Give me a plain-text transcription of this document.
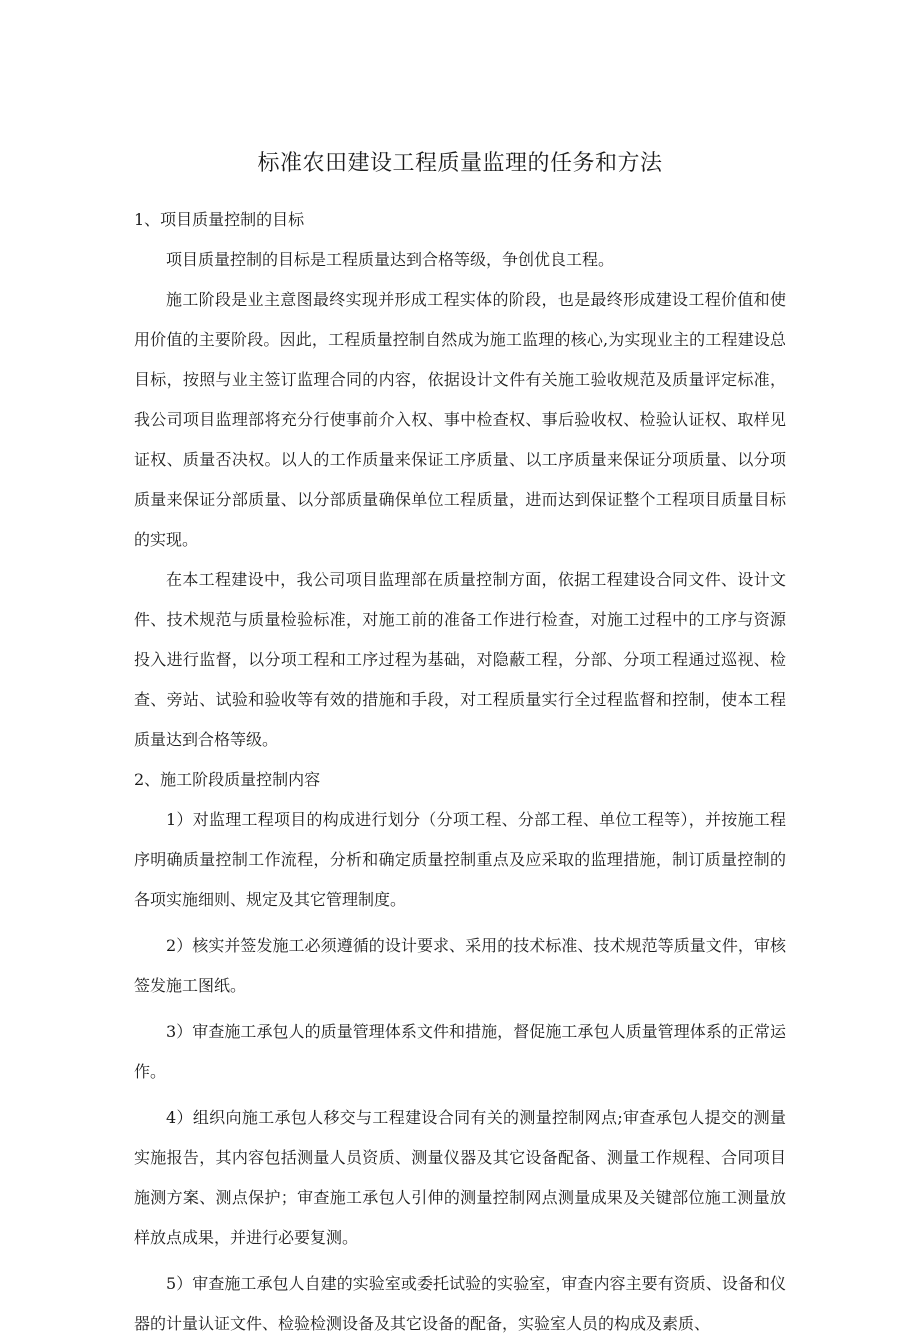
标准农田建设工程质量监理的任务和方法

1、项目质量控制的目标

项目质量控制的目标是工程质量达到合格等级，争创优良工程。

施工阶段是业主意图最终实现并形成工程实体的阶段，也是最终形成建设工程价值和使用价值的主要阶段。因此，工程质量控制自然成为施工监理的核心,为实现业主的工程建设总目标，按照与业主签订监理合同的内容，依据设计文件有关施工验收规范及质量评定标准，我公司项目监理部将充分行使事前介入权、事中检查权、事后验收权、检验认证权、取样见证权、质量否决权。以人的工作质量来保证工序质量、以工序质量来保证分项质量、以分项质量来保证分部质量、以分部质量确保单位工程质量，进而达到保证整个工程项目质量目标的实现。

在本工程建设中，我公司项目监理部在质量控制方面，依据工程建设合同文件、设计文件、技术规范与质量检验标准，对施工前的准备工作进行检查，对施工过程中的工序与资源投入进行监督，以分项工程和工序过程为基础，对隐蔽工程，分部、分项工程通过巡视、检查、旁站、试验和验收等有效的措施和手段，对工程质量实行全过程监督和控制，使本工程质量达到合格等级。

2、施工阶段质量控制内容

1）对监理工程项目的构成进行划分（分项工程、分部工程、单位工程等），并按施工程序明确质量控制工作流程，分析和确定质量控制重点及应采取的监理措施，制订质量控制的各项实施细则、规定及其它管理制度。

2）核实并签发施工必须遵循的设计要求、采用的技术标准、技术规范等质量文件，审核签发施工图纸。

3）审查施工承包人的质量管理体系文件和措施，督促施工承包人质量管理体系的正常运作。

4）组织向施工承包人移交与工程建设合同有关的测量控制网点;审查承包人提交的测量实施报告，其内容包括测量人员资质、测量仪器及其它设备配备、测量工作规程、合同项目施测方案、测点保护；审查施工承包人引伸的测量控制网点测量成果及关键部位施工测量放样放点成果，并进行必要复测。

5）审查施工承包人自建的实验室或委托试验的实验室，审查内容主要有资质、设备和仪器的计量认证文件、检验检测设备及其它设备的配备，实验室人员的构成及素质、
